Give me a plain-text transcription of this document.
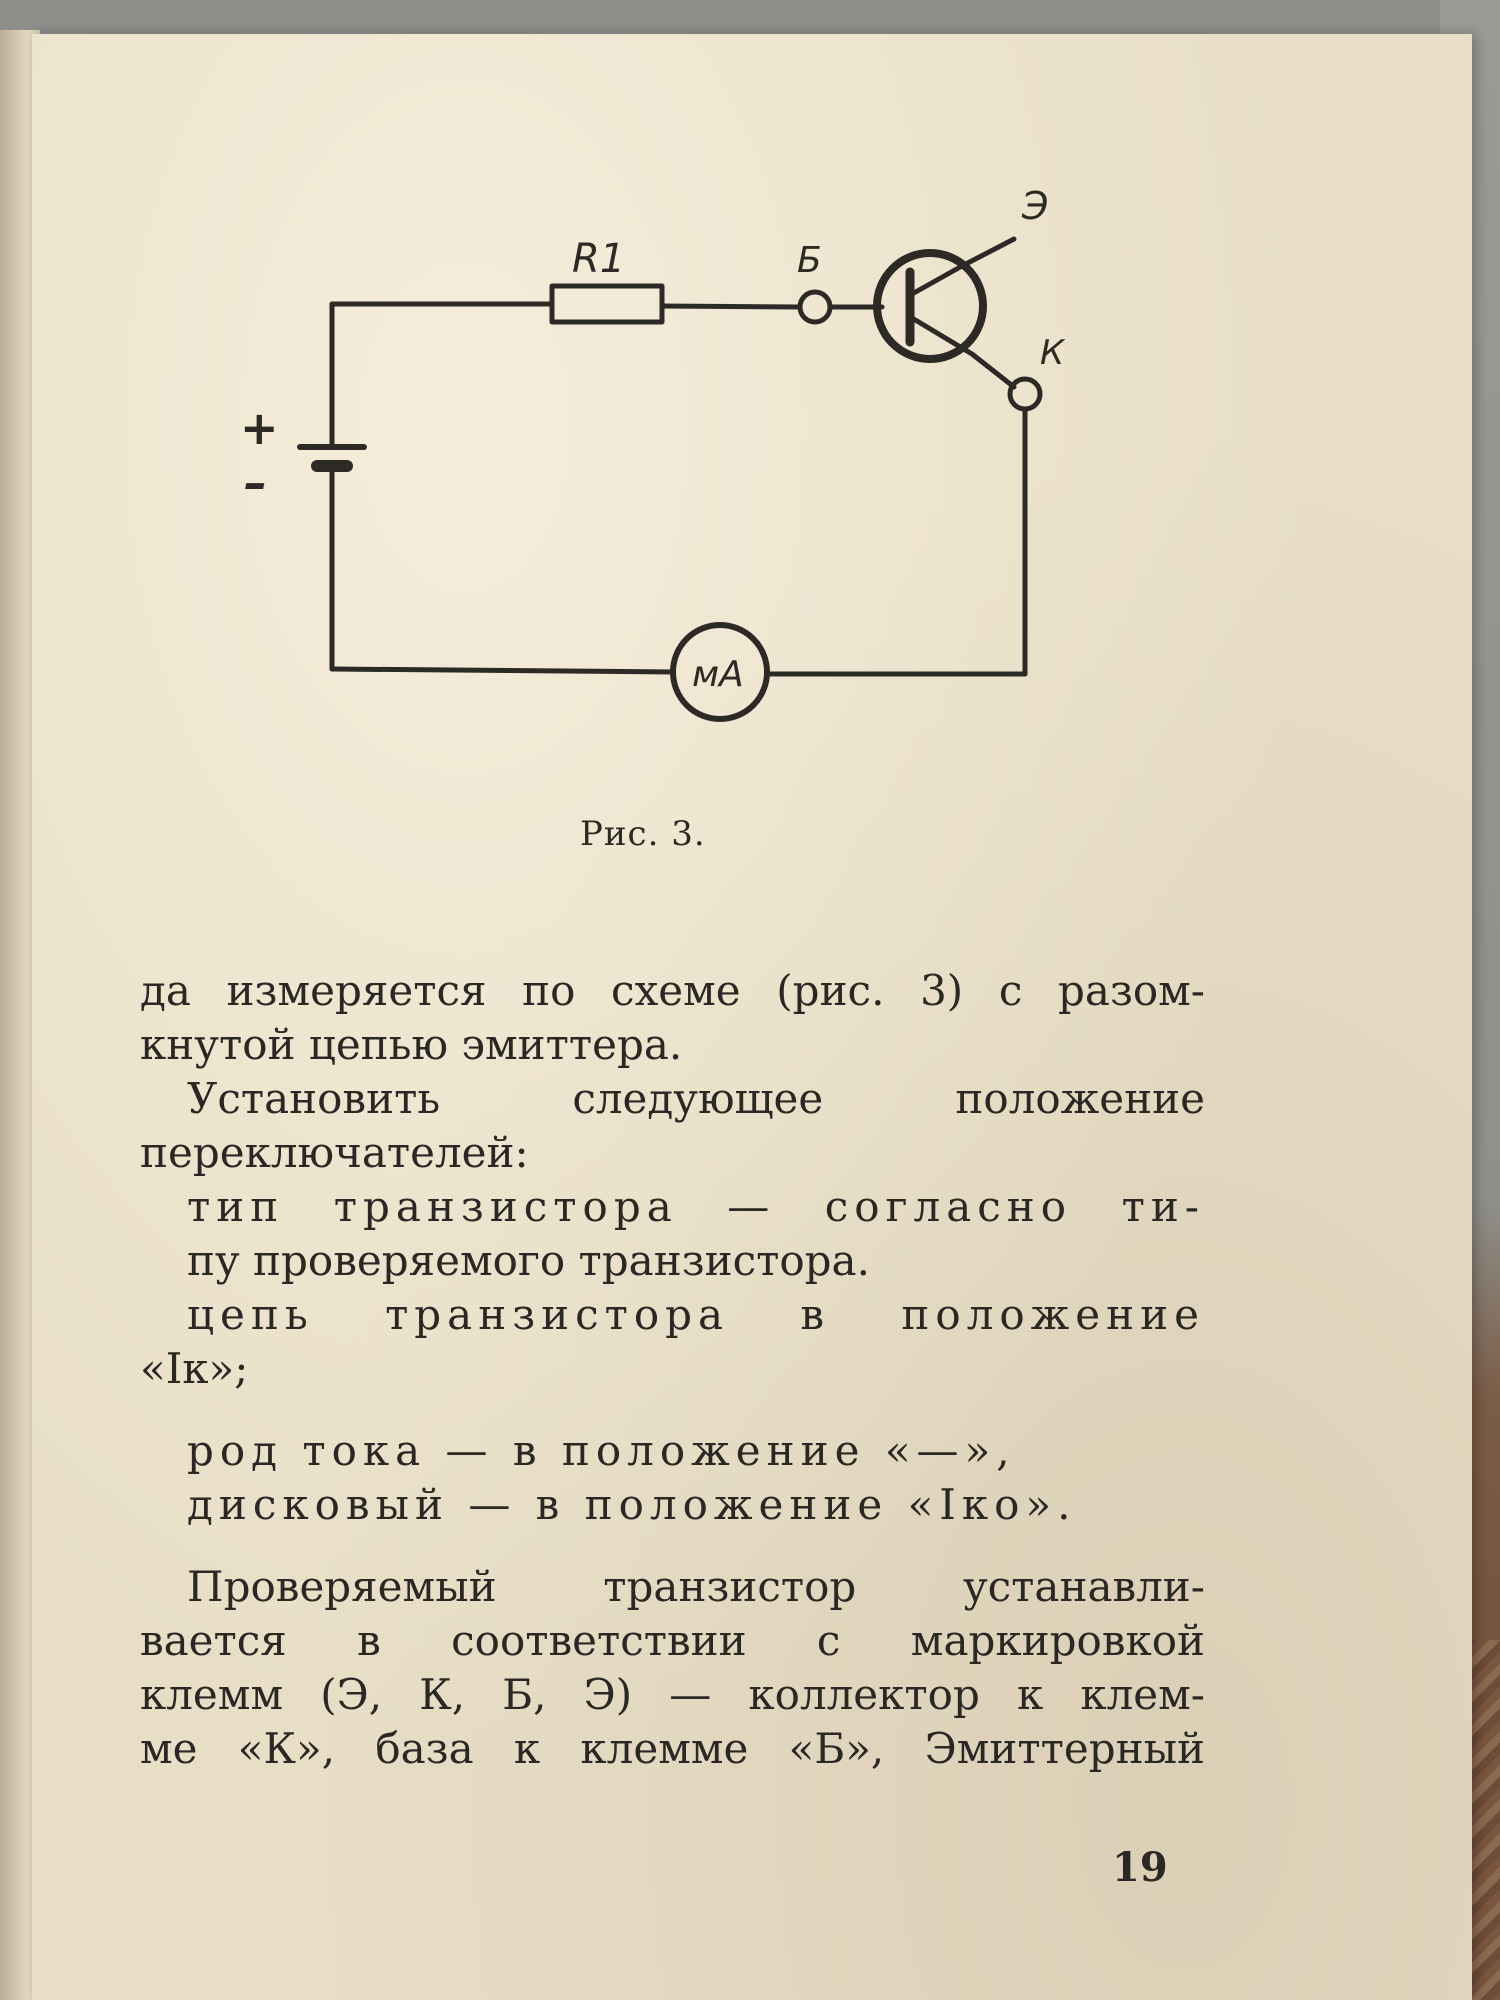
R1	Б
Э
К
+
–
мА
Рис. 3.

да измеряется по схеме (рис. 3) с разом-

кнутой цепью эмиттера.

Установить следующее положение

переключателей:

тип транзистора — согласно ти-

пу проверяемого транзистора.

цепь транзистора в положение

«Iк»;

род тока — в положение «—»,

дисковый — в положение «Iко».

Проверяемый транзистор устанавли-

вается в соответствии с маркировкой

клемм (Э, К, Б, Э) — коллектор к клем-

ме «К», база к клемме «Б», Эмиттерный

19
